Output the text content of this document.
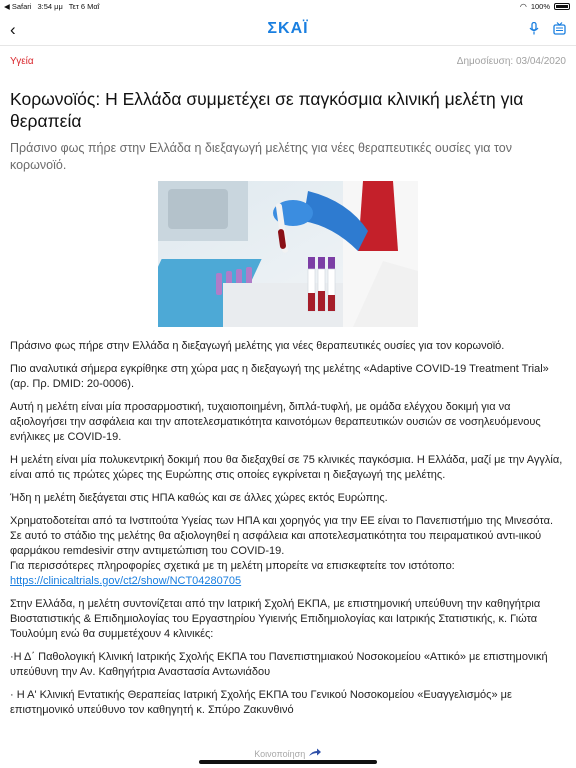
◀ Safari 3:54 μμ Τετ 6 Μαΐ	◠ 100%
‹	ΣΚΑΪ
Υγεία	Δημοσίευση: 03/04/2020
Κορωνοϊός: Η Ελλάδα συμμετέχει σε παγκόσμια κλινική μελέτη για θεραπεία
Πράσινο φως πήρε στην Ελλάδα η διεξαγωγή μελέτης για νέες θεραπευτικές ουσίες για τον κορωνοϊό.

Πράσινο φως πήρε στην Ελλάδα η διεξαγωγή μελέτης για νέες θεραπευτικές ουσίες για τον κορωνοϊό.

Πιο αναλυτικά σήμερα εγκρίθηκε στη χώρα μας η διεξαγωγή της μελέτης «Adaptive COVID-19 Treatment Trial» (αρ. Πρ. DMID: 20-0006).

Αυτή η μελέτη είναι μία προσαρμοστική, τυχαιοποιημένη, διπλά-τυφλή, με ομάδα ελέγχου δοκιμή για να αξιολογήσει την ασφάλεια και την αποτελεσματικότητα καινοτόμων θεραπευτικών ουσιών σε νοσηλευόμενους ενήλικες με COVID-19.

Η μελέτη είναι μία πολυκεντρική δοκιμή που θα διεξαχθεί σε 75 κλινικές παγκόσμια. Η Ελλάδα, μαζί με την Αγγλία, είναι από τις πρώτες χώρες της Ευρώπης στις οποίες εγκρίνεται η διεξαγωγή της μελέτης.

Ήδη η μελέτη διεξάγεται στις ΗΠΑ καθώς και σε άλλες χώρες εκτός Ευρώπης.

Χρηματοδοτείται από τα Ινστιτούτα Υγείας των ΗΠΑ και χορηγός για την ΕΕ είναι το Πανεπιστήμιο της Μινεσότα. Σε αυτό το στάδιο της μελέτης θα αξιολογηθεί η ασφάλεια και αποτελεσματικότητα του πειραματικού αντι-ιικού φαρμάκου remdesivir στην αντιμετώπιση του COVID-19.
Για περισσότερες πληροφορίες σχετικά με τη μελέτη μπορείτε να επισκεφτείτε τον ιστότοπο:
https://clinicaltrials.gov/ct2/show/NCT04280705

Στην Ελλάδα, η μελέτη συντονίζεται από την Ιατρική Σχολή ΕΚΠΑ, με επιστημονική υπεύθυνη την καθηγήτρια Βιοστατιστικής & Επιδημιολογίας του Εργαστηρίου Υγιεινής Επιδημιολογίας και Ιατρικής Στατιστικής, κ. Γιώτα Τουλούμη ενώ θα συμμετέχουν 4 κλινικές:

·Η Δ΄ Παθολογική Κλινική Ιατρικής Σχολής ΕΚΠΑ του Πανεπιστημιακού Νοσοκομείου «Αττικό» με επιστημονική υπεύθυνη την Αν. Καθηγήτρια Αναστασία Αντωνιάδου

· Η Α' Κλινική Εντατικής Θεραπείας Ιατρική Σχολής ΕΚΠΑ του Γενικού Νοσοκομείου «Ευαγγελισμός» με επιστημονικό υπεύθυνο τον καθηγητή κ. Σπύρο Ζακυνθινό

Κοινοποίηση
